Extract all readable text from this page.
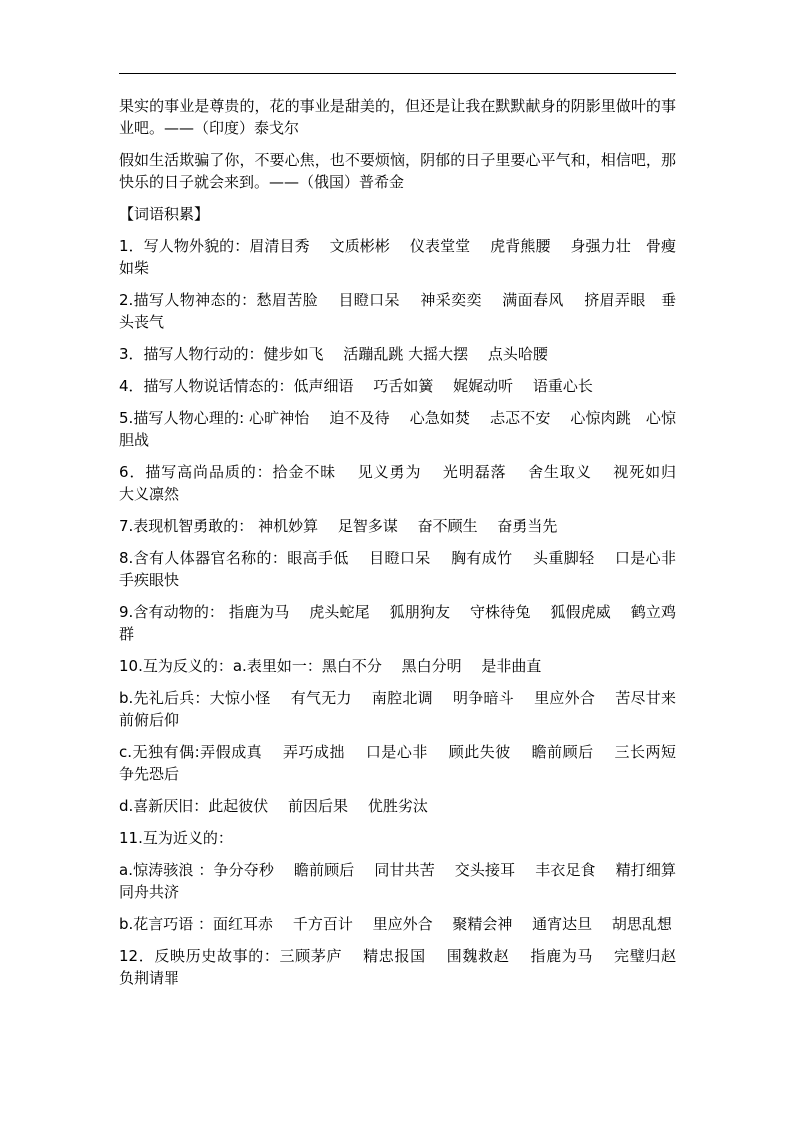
果实的事业是尊贵的，花的事业是甜美的，但还是让我在默默献身的阴影里做叶的事业吧。——（印度）泰戈尔

假如生活欺骗了你，不要心焦，也不要烦恼，阴郁的日子里要心平气和，相信吧，那快乐的日子就会来到。——（俄国）普希金

【词语积累】

1．写人物外貌的：眉清目秀　 文质彬彬　 仪表堂堂　 虎背熊腰　 身强力壮　骨瘦如柴

2.描写人物神态的：愁眉苦脸　 目瞪口呆　 神采奕奕　 满面春风　 挤眉弄眼　垂头丧气

3．描写人物行动的：健步如飞　 活蹦乱跳 大摇大摆　 点头哈腰

4．描写人物说话情态的：低声细语　 巧舌如簧　 娓娓动听　 语重心长

5.描写人物心理的: 心旷神怡　 迫不及待　 心急如焚　 忐忑不安　 心惊肉跳　心惊胆战

6．描写高尚品质的：拾金不昧　 见义勇为　 光明磊落　 舍生取义　 视死如归　 大义凛然

7.表现机智勇敢的： 神机妙算　 足智多谋　 奋不顾生　 奋勇当先

8.含有人体器官名称的：眼高手低　 目瞪口呆　 胸有成竹　 头重脚轻　 口是心非　 手疾眼快

9.含有动物的： 指鹿为马　 虎头蛇尾　 狐朋狗友　 守株待兔　 狐假虎威　 鹤立鸡群

10.互为反义的：a.表里如一：黑白不分　 黑白分明　 是非曲直

b.先礼后兵：大惊小怪　 有气无力　 南腔北调　 明争暗斗　 里应外合　 苦尽甘来　 前俯后仰

c.无独有偶:弄假成真　 弄巧成拙　 口是心非　 顾此失彼　 瞻前顾后　 三长两短　 争先恐后

d.喜新厌旧：此起彼伏　 前因后果　 优胜劣汰

11.互为近义的：

a.惊涛骇浪 ：争分夺秒　 瞻前顾后　 同甘共苦　 交头接耳　 丰衣足食　 精打细算　 同舟共济

b.花言巧语 ：面红耳赤　 千方百计　 里应外合　 聚精会神　 通宵达旦　 胡思乱想

12．反映历史故事的：三顾茅庐　 精忠报国　 围魏救赵　 指鹿为马　 完璧归赵　 负荆请罪
